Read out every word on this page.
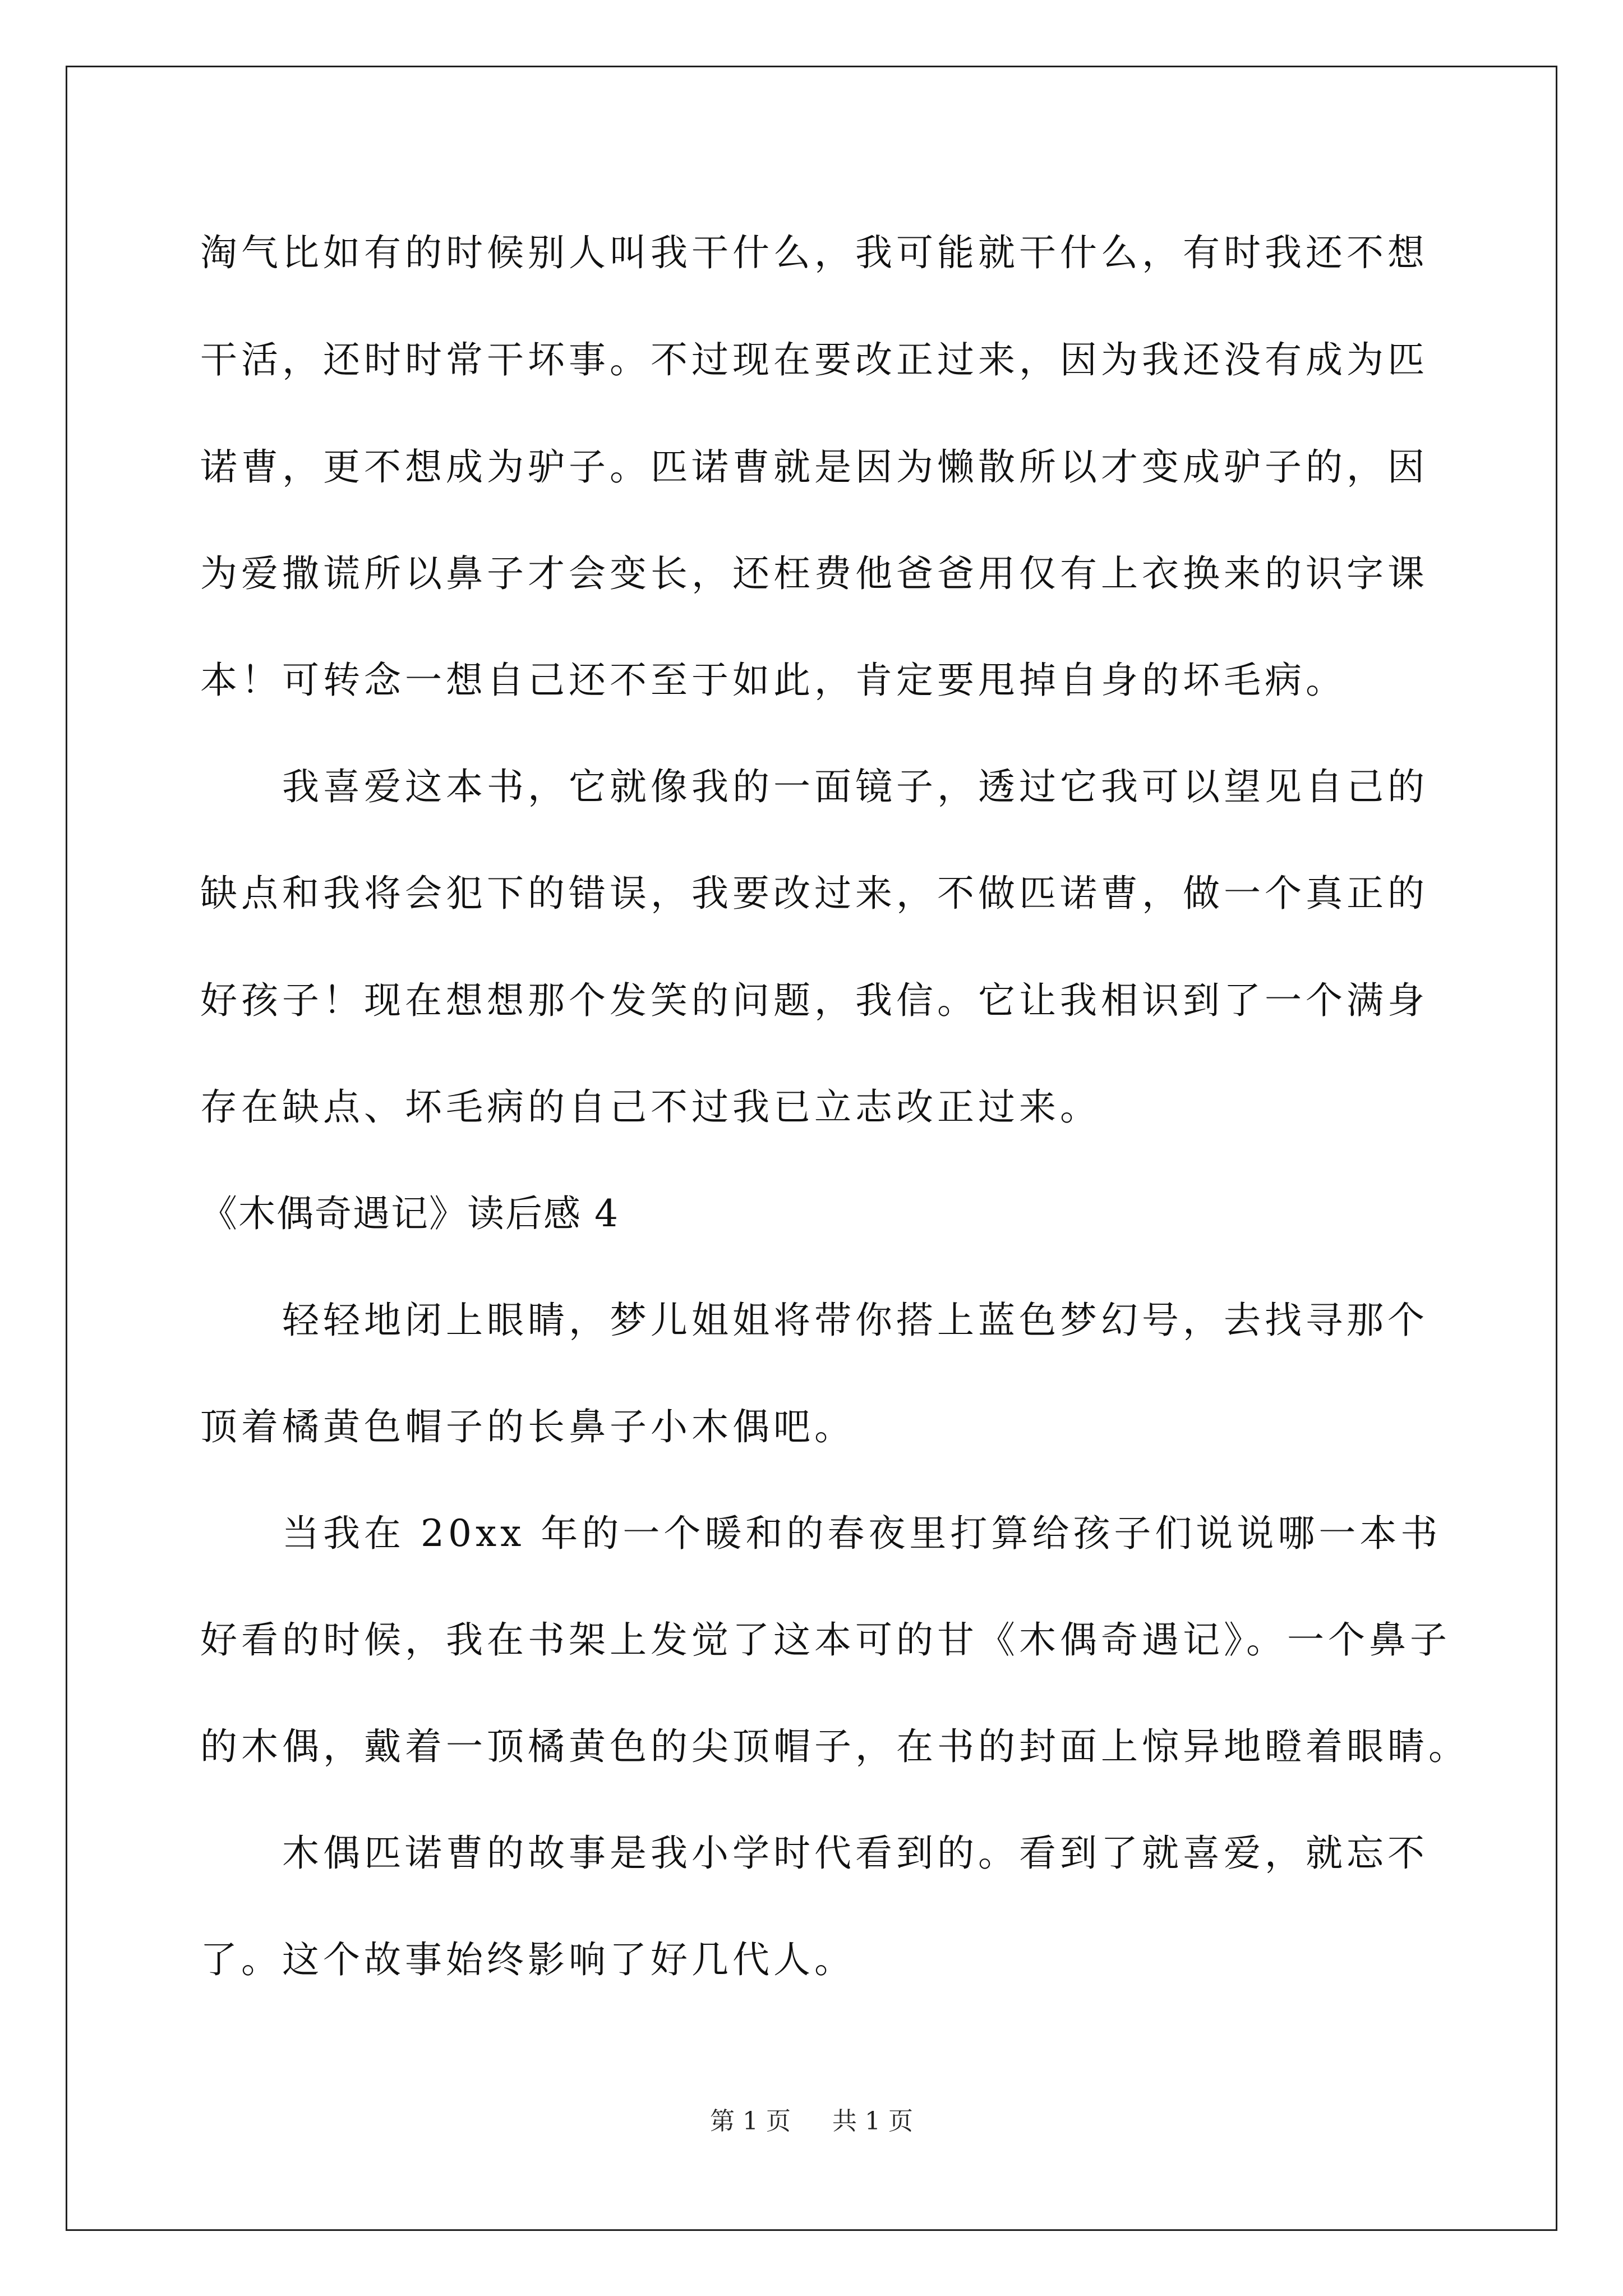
淘气比如有的时候别人叫我干什么，我可能就干什么，有时我还不想
干活，还时时常干坏事。不过现在要改正过来，因为我还没有成为匹
诺曹，更不想成为驴子。匹诺曹就是因为懒散所以才变成驴子的，因
为爱撒谎所以鼻子才会变长，还枉费他爸爸用仅有上衣换来的识字课
本！可转念一想自己还不至于如此，肯定要甩掉自身的坏毛病。
我喜爱这本书，它就像我的一面镜子，透过它我可以望见自己的
缺点和我将会犯下的错误，我要改过来，不做匹诺曹，做一个真正的
好孩子！现在想想那个发笑的问题，我信。它让我相识到了一个满身
存在缺点、坏毛病的自己不过我已立志改正过来。
《木偶奇遇记》读后感 4
轻轻地闭上眼睛，梦儿姐姐将带你搭上蓝色梦幻号，去找寻那个
顶着橘黄色帽子的长鼻子小木偶吧。
当我在 20xx 年的一个暖和的春夜里打算给孩子们说说哪一本书
好看的时候，我在书架上发觉了这本可的甘《木偶奇遇记》。一个鼻子
的木偶，戴着一顶橘黄色的尖顶帽子，在书的封面上惊异地瞪着眼睛。
木偶匹诺曹的故事是我小学时代看到的。看到了就喜爱，就忘不
了。这个故事始终影响了好几代人。
第 1 页 共 1 页
